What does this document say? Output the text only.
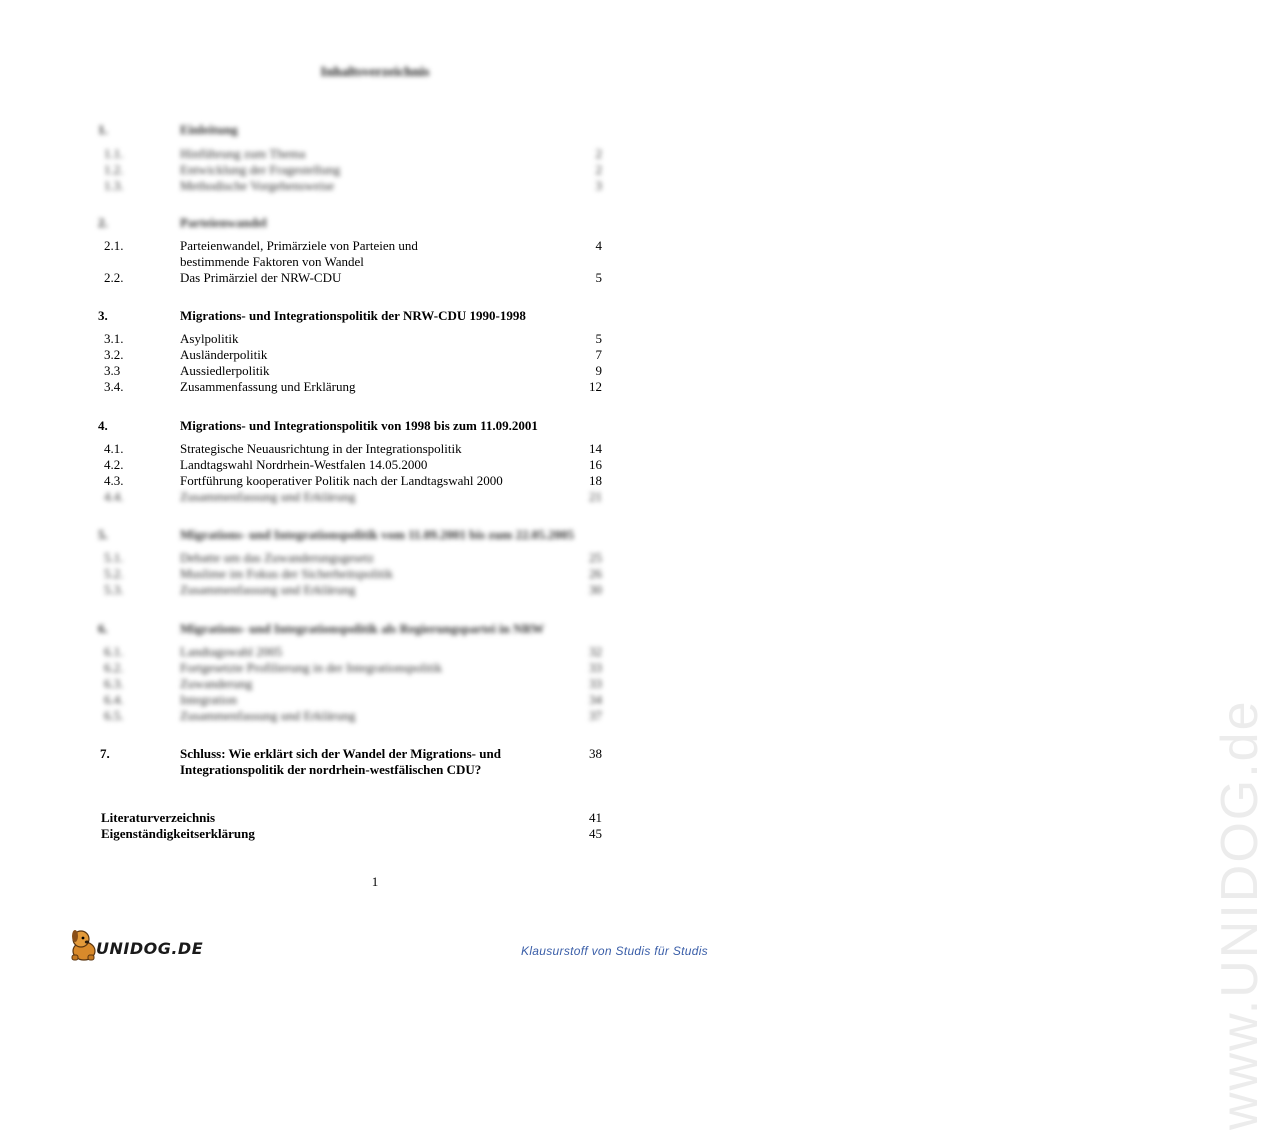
www.UNIDOG.de
Inhaltsverzeichnis
1.	Einleitung
1.1.	Hinführung zum Thema	2
1.2.	Entwicklung der Fragestellung	2
1.3.	Methodische Vorgehensweise	3
2.	Parteienwandel
2.1.	Parteienwandel, Primärziele von Parteien und	4
bestimmende Faktoren von Wandel
2.2.	Das Primärziel der NRW-CDU	5
3.	Migrations- und Integrationspolitik der NRW-CDU 1990-1998
3.1.	Asylpolitik	5
3.2.	Ausländerpolitik	7
3.3	Aussiedlerpolitik	9
3.4.	Zusammenfassung und Erklärung	12
4.	Migrations- und Integrationspolitik von 1998 bis zum 11.09.2001
4.1.	Strategische Neuausrichtung in der Integrationspolitik	14
4.2.	Landtagswahl Nordrhein-Westfalen 14.05.2000	16
4.3.	Fortführung kooperativer Politik nach der Landtagswahl 2000	18
4.4.	Zusammenfassung und Erklärung	21
5.	Migrations- und Integrationspolitik vom 11.09.2001 bis zum 22.05.2005
5.1.	Debatte um das Zuwanderungsgesetz	25
5.2.	Muslime im Fokus der Sicherheitspolitik	26
5.3.	Zusammenfassung und Erklärung	30
6.	Migrations- und Integrationspolitik als Regierungspartei in NRW
6.1.	Landtagswahl 2005	32
6.2.	Fortgesetzte Profilierung in der Integrationspolitik	33
6.3.	Zuwanderung	33
6.4.	Integration	34
6.5.	Zusammenfassung und Erklärung	37
7.	Schluss: Wie erklärt sich der Wandel der Migrations- und	38
Integrationspolitik der nordrhein-westfälischen CDU?
Literaturverzeichnis	41
Eigenständigkeitserklärung	45
1
UNIDOG.DE	Klausurstoff von Studis für Studis
